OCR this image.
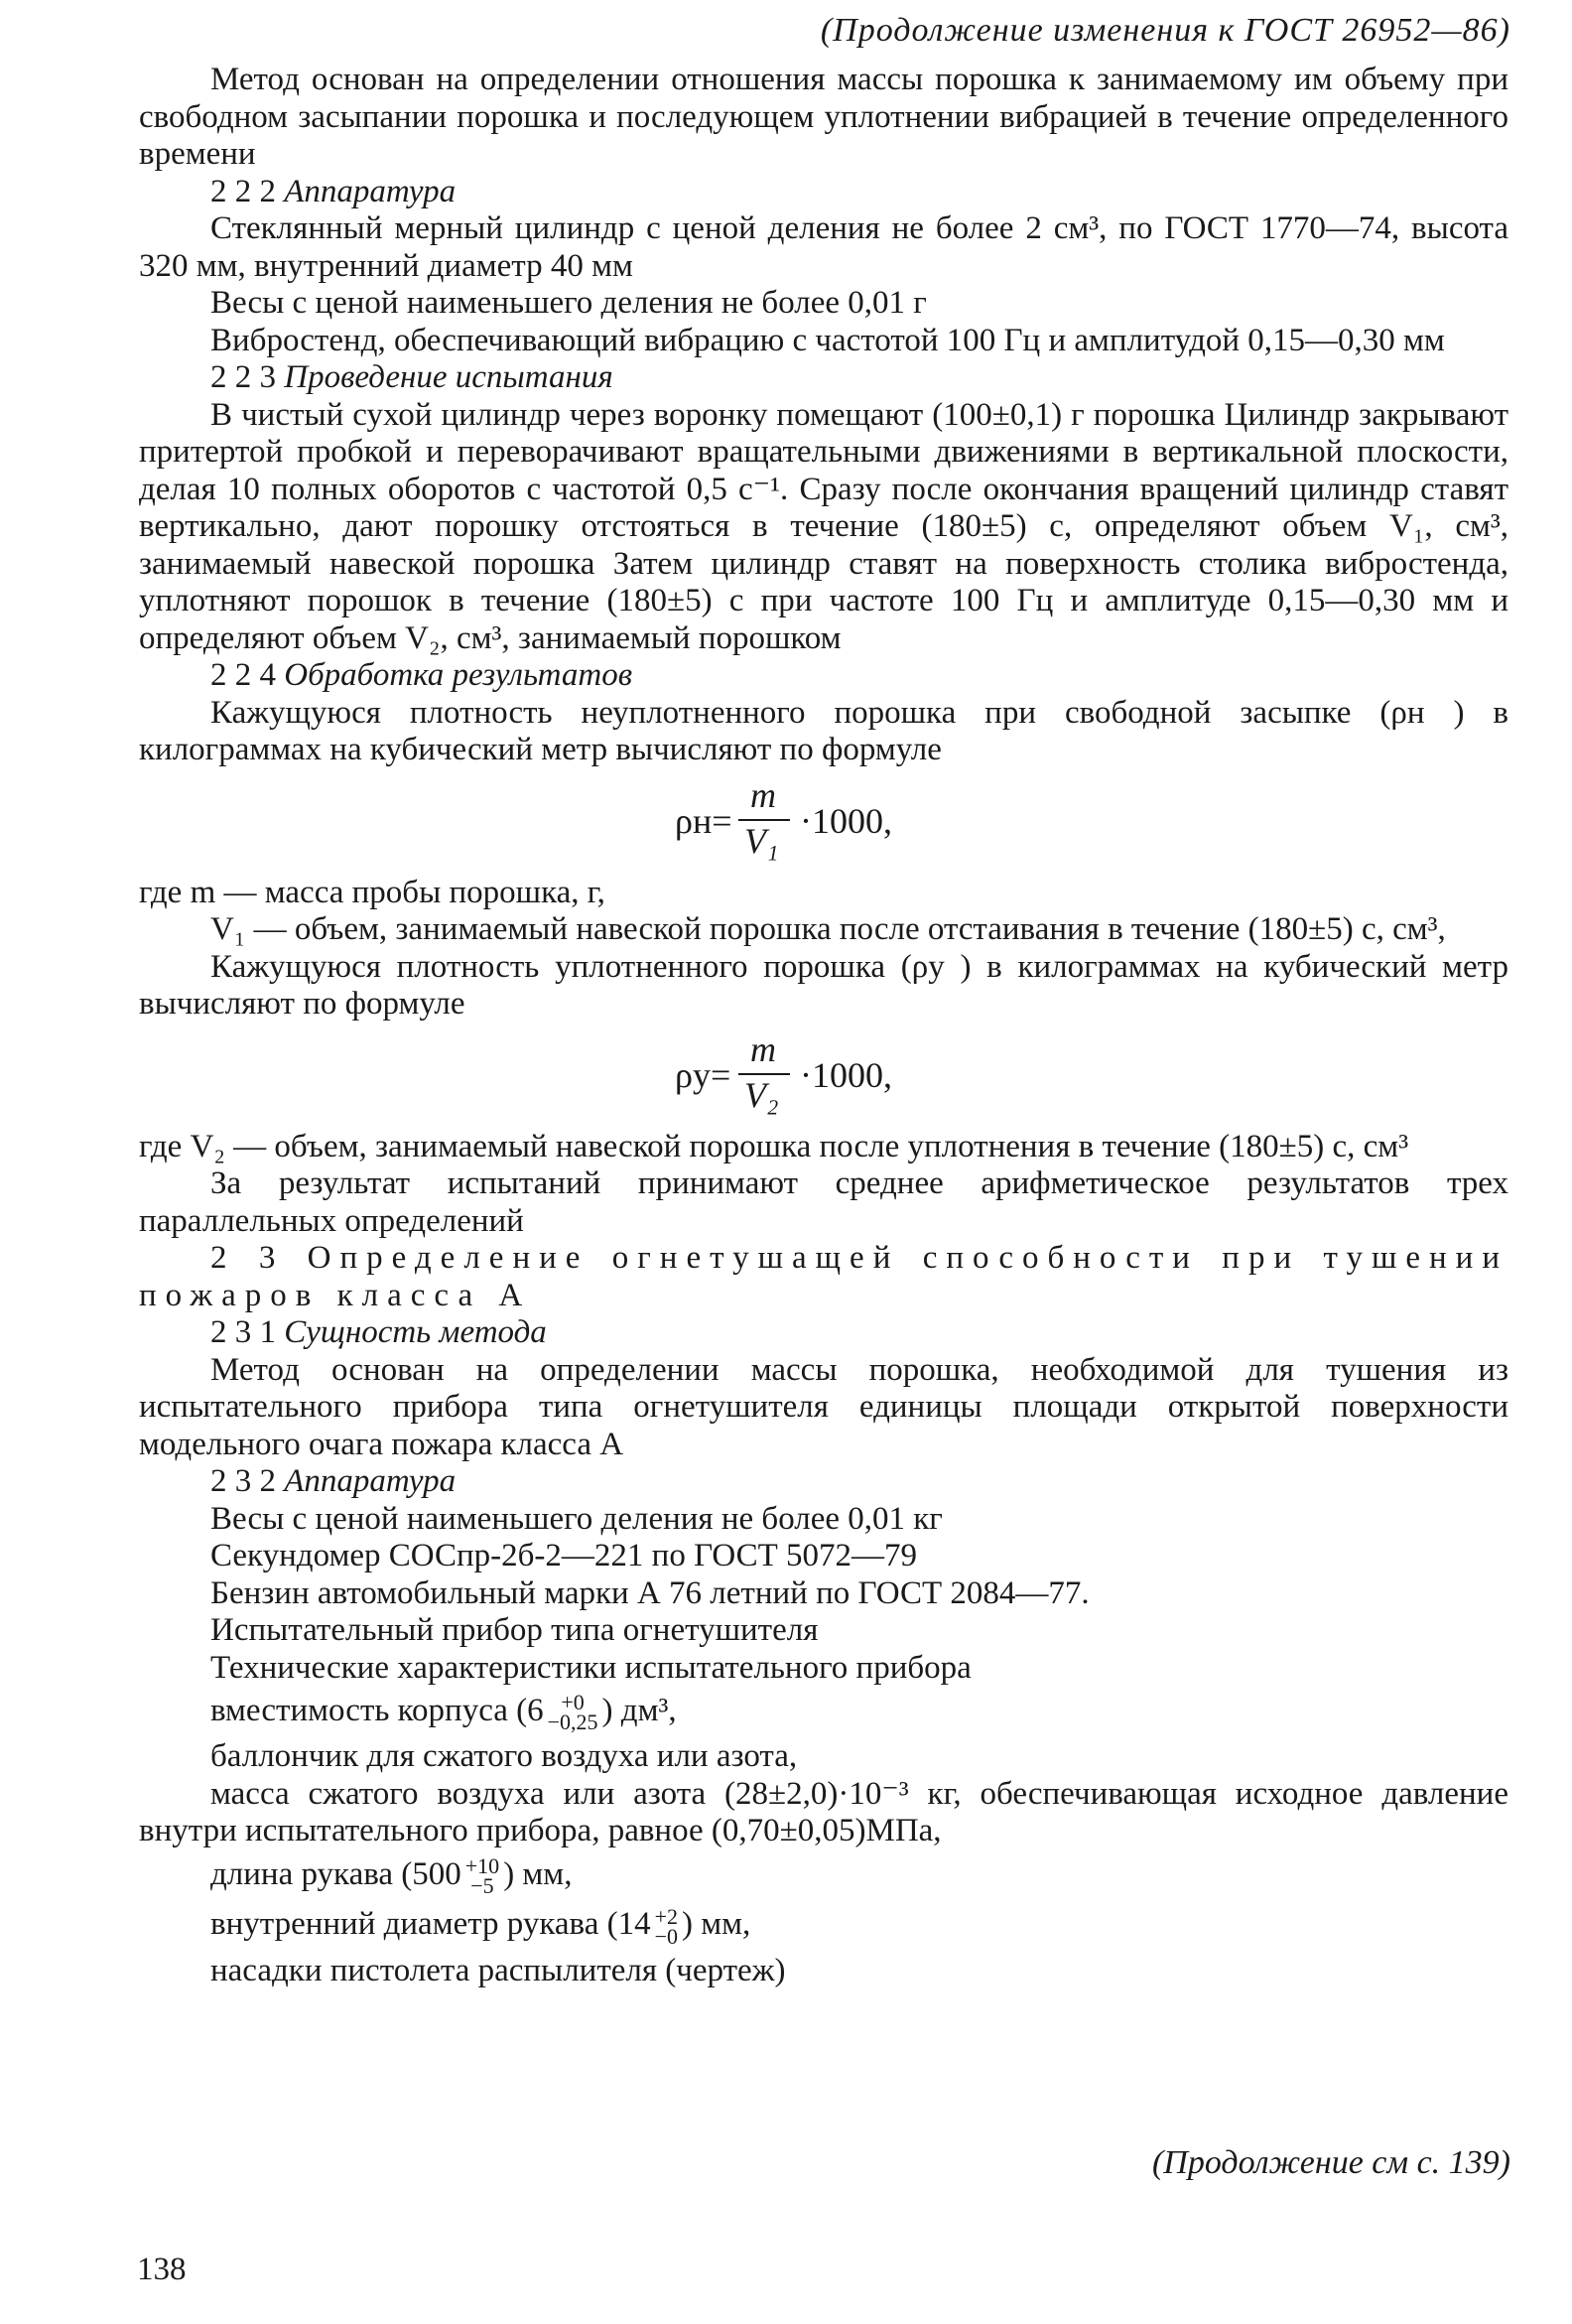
(Продолжение изменения к ГОСТ 26952—86)

Метод основан на определении отношения массы порошка к занимаемому им объему при свободном засыпании порошка и последующем уплотнении вибрацией в течение определенного времени

2 2 2 Аппаратура

Стеклянный мерный цилиндр с ценой деления не более 2 см³, по ГОСТ 1770—74, высота 320 мм, внутренний диаметр 40 мм

Весы с ценой наименьшего деления не более 0,01 г

Вибростенд, обеспечивающий вибрацию с частотой 100 Гц и амплитудой 0,15—0,30 мм

2 2 3 Проведение испытания

В чистый сухой цилиндр через воронку помещают (100±0,1) г порошка Цилиндр закрывают притертой пробкой и переворачивают вращательными движениями в вертикальной плоскости, делая 10 полных оборотов с частотой 0,5 с⁻¹. Сразу после окончания вращений цилиндр ставят вертикально, дают порошку отстояться в течение (180±5) с, определяют объем V₁, см³, занимаемый навеской порошка Затем цилиндр ставят на поверхность столика вибростенда, уплотняют порошок в течение (180±5) с при частоте 100 Гц и амплитуде 0,15—0,30 мм и определяют объем V₂, см³, занимаемый порошком

2 2 4 Обработка результатов

Кажущуюся плотность неуплотненного порошка при свободной засыпке (ρн ) в килограммах на кубический метр вычисляют по формуле

ρн=
m
V₁ ·1000,

где m — масса пробы порошка, г,

V₁ — объем, занимаемый навеской порошка после отстаивания в течение (180±5) с, см³,

Кажущуюся плотность уплотненного порошка (ρу ) в килограммах на кубический метр вычисляют по формуле

ρу=
m
V₂ ·1000,

где V₂ — объем, занимаемый навеской порошка после уплотнения в течение (180±5) с, см³

За результат испытаний принимают среднее арифметическое результатов трех параллельных определений

2 3 Определение огнетушащей способности при тушении пожаров класса А

2 3 1 Сущность метода

Метод основан на определении массы порошка, необходимой для тушения из испытательного прибора типа огнетушителя единицы площади открытой поверхности модельного очага пожара класса А

2 3 2 Аппаратура

Весы с ценой наименьшего деления не более 0,01 кг

Секундомер СОСпр-2б-2—221 по ГОСТ 5072—79

Бензин автомобильный марки А 76 летний по ГОСТ 2084—77.

Испытательный прибор типа огнетушителя

Технические характеристики испытательного прибора

вместимость корпуса (6 +0
−0,25 ) дм³,

баллончик для сжатого воздуха или азота,

масса сжатого воздуха или азота (28±2,0)·10⁻³ кг, обеспечивающая исходное давление внутри испытательного прибора, равное (0,70±0,05)МПа,

длина рукава (500 +10
−5 ) мм,

внутренний диаметр рукава (14 +2
−0 ) мм,

насадки пистолета распылителя (чертеж)

(Продолжение см с. 139)
138
